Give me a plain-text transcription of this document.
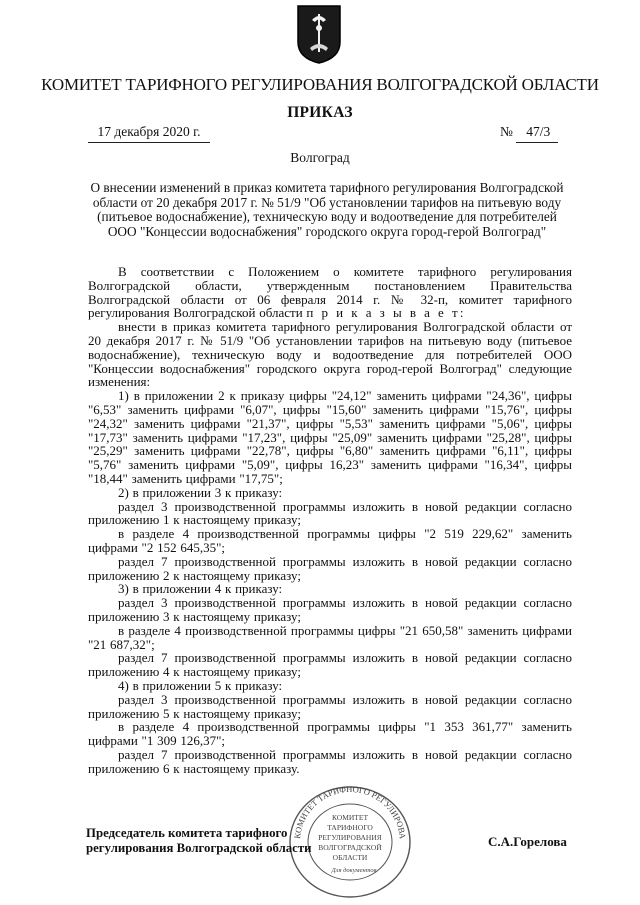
КОМИТЕТ ТАРИФНОГО РЕГУЛИРОВАНИЯ ВОЛГОГРАДСКОЙ ОБЛАСТИ
ПРИКАЗ
17 декабря 2020 г.	№ 47/3
Волгоград
О внесении изменений в приказ комитета тарифного регулирования Волгоградской области от 20 декабря 2017 г. № 51/9 "Об установлении тарифов на питьевую воду (питьевое водоснабжение), техническую воду и водоотведение для потребителей ООО "Концессии водоснабжения" городского округа город-герой Волгоград"

В соответствии с Положением о комитете тарифного регулирования Волгоградской области, утвержденным постановлением Правительства Волгоградской области от 06 февраля 2014 г. № 32-п, комитет тарифного регулирования Волгоградской области п р и к а з ы в а е т:

внести в приказ комитета тарифного регулирования Волгоградской области от 20 декабря 2017 г. № 51/9 "Об установлении тарифов на питьевую воду (питьевое водоснабжение), техническую воду и водоотведение для потребителей ООО "Концессии водоснабжения" городского округа город-герой Волгоград" следующие изменения:

1) в приложении 2 к приказу цифры "24,12" заменить цифрами "24,36", цифры "6,53" заменить цифрами "6,07", цифры "15,60" заменить цифрами "15,76", цифры "24,32" заменить цифрами "21,37", цифры "5,53" заменить цифрами "5,06", цифры "17,73" заменить цифрами "17,23", цифры "25,09" заменить цифрами "25,28", цифры "25,29" заменить цифрами "22,78", цифры "6,80" заменить цифрами "6,11", цифры "5,76" заменить цифрами "5,09", цифры 16,23" заменить цифрами "16,34", цифры "18,44" заменить цифрами "17,75";

2) в приложении 3 к приказу:

раздел 3 производственной программы изложить в новой редакции согласно приложению 1 к настоящему приказу;

в разделе 4 производственной программы цифры "2 519 229,62" заменить цифрами "2 152 645,35";

раздел 7 производственной программы изложить в новой редакции согласно приложению 2 к настоящему приказу;

3) в приложении 4 к приказу:

раздел 3 производственной программы изложить в новой редакции согласно приложению 3 к настоящему приказу;

в разделе 4 производственной программы цифры "21 650,58" заменить цифрами "21 687,32";

раздел 7 производственной программы изложить в новой редакции согласно приложению 4 к настоящему приказу;

4) в приложении 5 к приказу:

раздел 3 производственной программы изложить в новой редакции согласно приложению 5 к настоящему приказу;

в разделе 4 производственной программы цифры "1 353 361,77" заменить цифрами "1 309 126,37";

раздел 7 производственной программы изложить в новой редакции согласно приложению 6 к настоящему приказу.

КОМИТЕТ ТАРИФНОГО РЕГУЛИРОВА
КОМИТЕТ
ТАРИФНОГО
РЕГУЛИРОВАНИЯ
ВОЛГОГРАДСКОЙ
ОБЛАСТИ
Для документов
Председатель комитета тарифного
регулирования Волгоградской области	С.А.Горелова
